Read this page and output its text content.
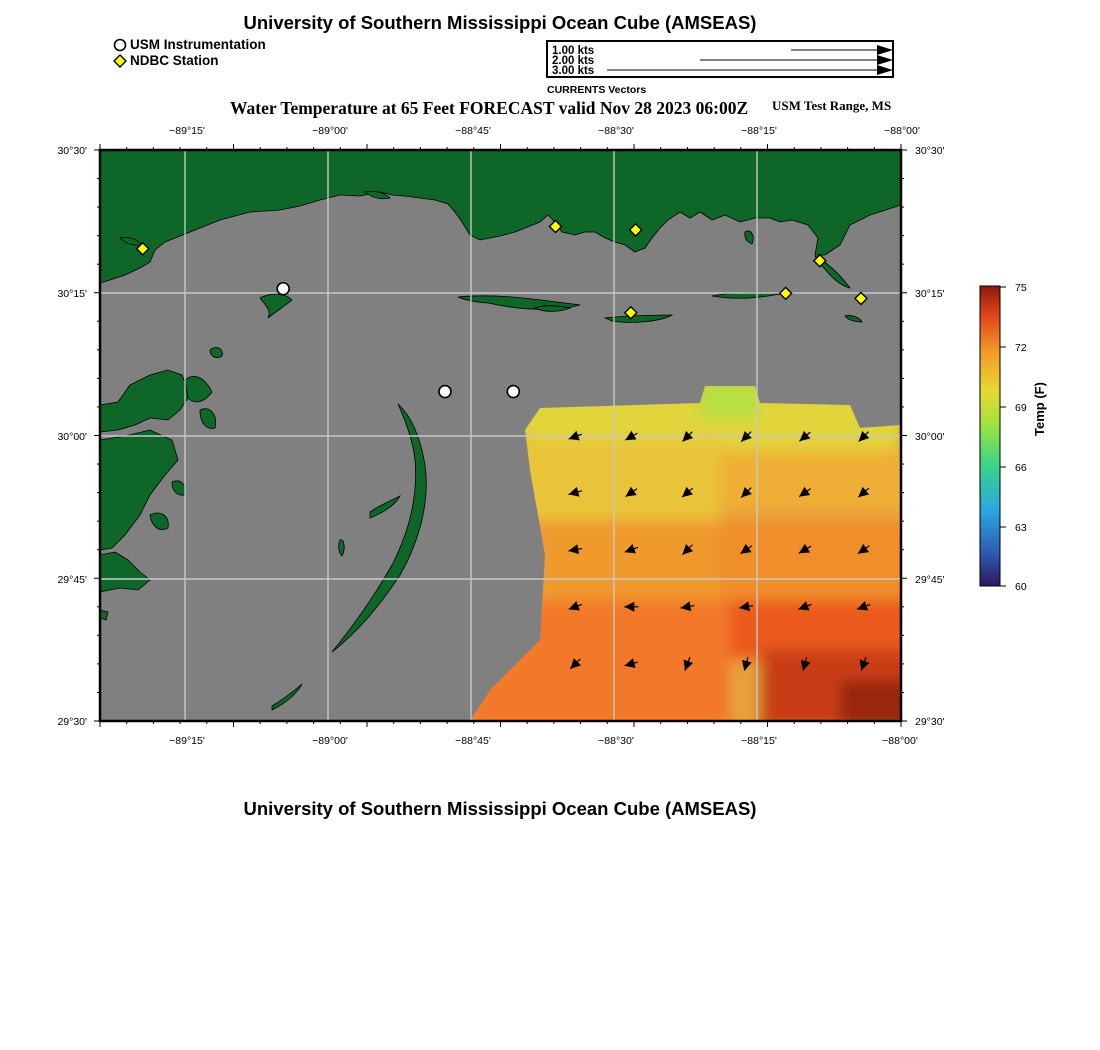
University of Southern Mississippi Ocean Cube (AMSEAS)
USM Instrumentation
NDBC Station
1.00 kts
2.00 kts
3.00 kts
CURRENTS Vectors
Water Temperature at 65 Feet FORECAST valid Nov 28 2023 06:00Z USM Test Range, MS
−89°15'	−89°00'	−88°45'	−88°30'	−88°15'	−88°00'
−89°15'	−89°00'	−88°45'	−88°30'	−88°15'	−88°00'
30°30'
30°15'
30°00'
29°45'
29°30'
30°30'
30°15'
30°00'
29°45'
29°30'
75
72
69
66
63
60
Temp (F)
University of Southern Mississippi Ocean Cube (AMSEAS)
